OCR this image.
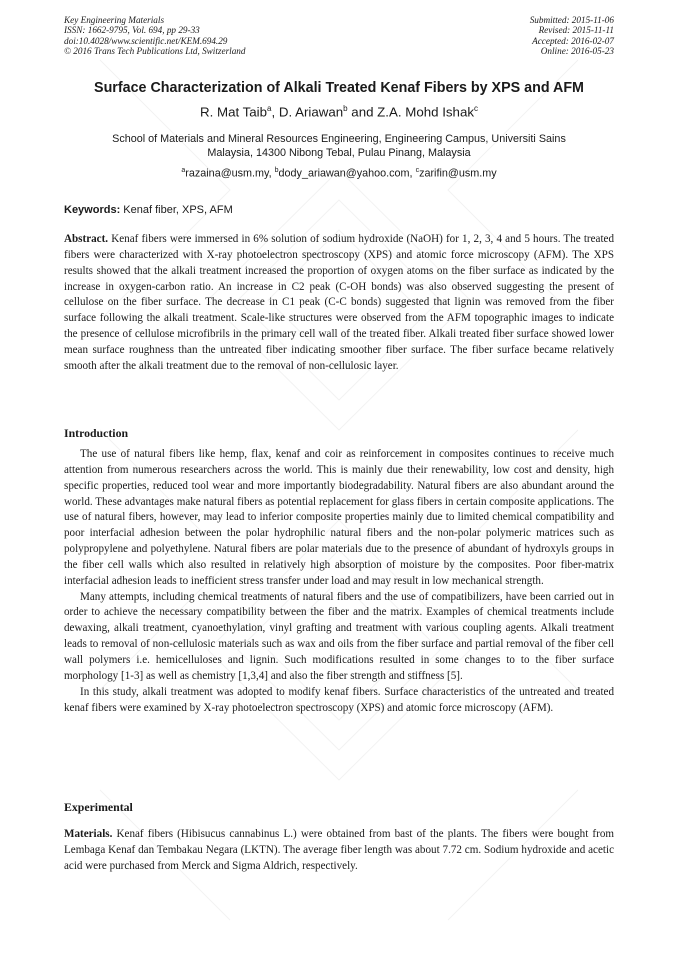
Key Engineering Materials
ISSN: 1662-9795, Vol. 694, pp 29-33
doi:10.4028/www.scientific.net/KEM.694.29
© 2016 Trans Tech Publications Ltd, Switzerland
Submitted: 2015-11-06
Revised: 2015-11-11
Accepted: 2016-02-07
Online: 2016-05-23
Surface Characterization of Alkali Treated Kenaf Fibers by XPS and AFM
R. Mat Taib$^a$, D. Ariawan$^b$ and Z.A. Mohd Ishak$^c$
School of Materials and Mineral Resources Engineering, Engineering Campus, Universiti Sains
Malaysia, 14300 Nibong Tebal, Pulau Pinang, Malaysia
$^a$razaina@usm.my, $^b$dody_ariawan@yahoo.com, $^c$zarifin@usm.my
Keywords: Kenaf fiber, XPS, AFM

Abstract. Kenaf fibers were immersed in 6% solution of sodium hydroxide (NaOH) for 1, 2, 3, 4 and 5 hours. The treated fibers were characterized with X-ray photoelectron spectroscopy (XPS) and atomic force microscopy (AFM). The XPS results showed that the alkali treatment increased the proportion of oxygen atoms on the fiber surface as indicated by the increase in oxygen-carbon ratio. An increase in C2 peak (C-OH bonds) was also observed suggesting the present of cellulose on the fiber surface. The decrease in C1 peak (C-C bonds) suggested that lignin was removed from the fiber surface following the alkali treatment. Scale-like structures were observed from the AFM topographic images to indicate the presence of cellulose microfibrils in the primary cell wall of the treated fiber. Alkali treated fiber surface showed lower mean surface roughness than the untreated fiber indicating smoother fiber surface. The fiber surface became relatively smooth after the alkali treatment due to the removal of non-cellulosic layer.

Introduction

The use of natural fibers like hemp, flax, kenaf and coir as reinforcement in composites continues to receive much attention from numerous researchers across the world. This is mainly due their renewability, low cost and density, high specific properties, reduced tool wear and more importantly biodegradability. Natural fibers are also abundant around the world. These advantages make natural fibers as potential replacement for glass fibers in certain composite applications. The use of natural fibers, however, may lead to inferior composite properties mainly due to limited chemical compatibility and poor interfacial adhesion between the polar hydrophilic natural fibers and the non-polar polymeric matrices such as polypropylene and polyethylene. Natural fibers are polar materials due to the presence of abundant of hydroxyls groups in the fiber cell walls which also resulted in relatively high absorption of moisture by the composites. Poor fiber-matrix interfacial adhesion leads to inefficient stress transfer under load and may result in low mechanical strength.

Many attempts, including chemical treatments of natural fibers and the use of compatibilizers, have been carried out in order to achieve the necessary compatibility between the fiber and the matrix. Examples of chemical treatments include dewaxing, alkali treatment, cyanoethylation, vinyl grafting and treatment with various coupling agents. Alkali treatment leads to removal of non-cellulosic materials such as wax and oils from the fiber surface and partial removal of the fiber cell wall polymers i.e. hemicelluloses and lignin. Such modifications resulted in some changes to to the fiber surface morphology [1-3] as well as chemistry [1,3,4] and also the fiber strength and stiffness [5].

In this study, alkali treatment was adopted to modify kenaf fibers. Surface characteristics of the untreated and treated kenaf fibers were examined by X-ray photoelectron spectroscopy (XPS) and atomic force microscopy (AFM).

Experimental

Materials. Kenaf fibers (Hibisucus cannabinus L.) were obtained from bast of the plants. The fibers were bought from Lembaga Kenaf dan Tembakau Negara (LKTN). The average fiber length was about 7.72 cm. Sodium hydroxide and acetic acid were purchased from Merck and Sigma Aldrich, respectively.
